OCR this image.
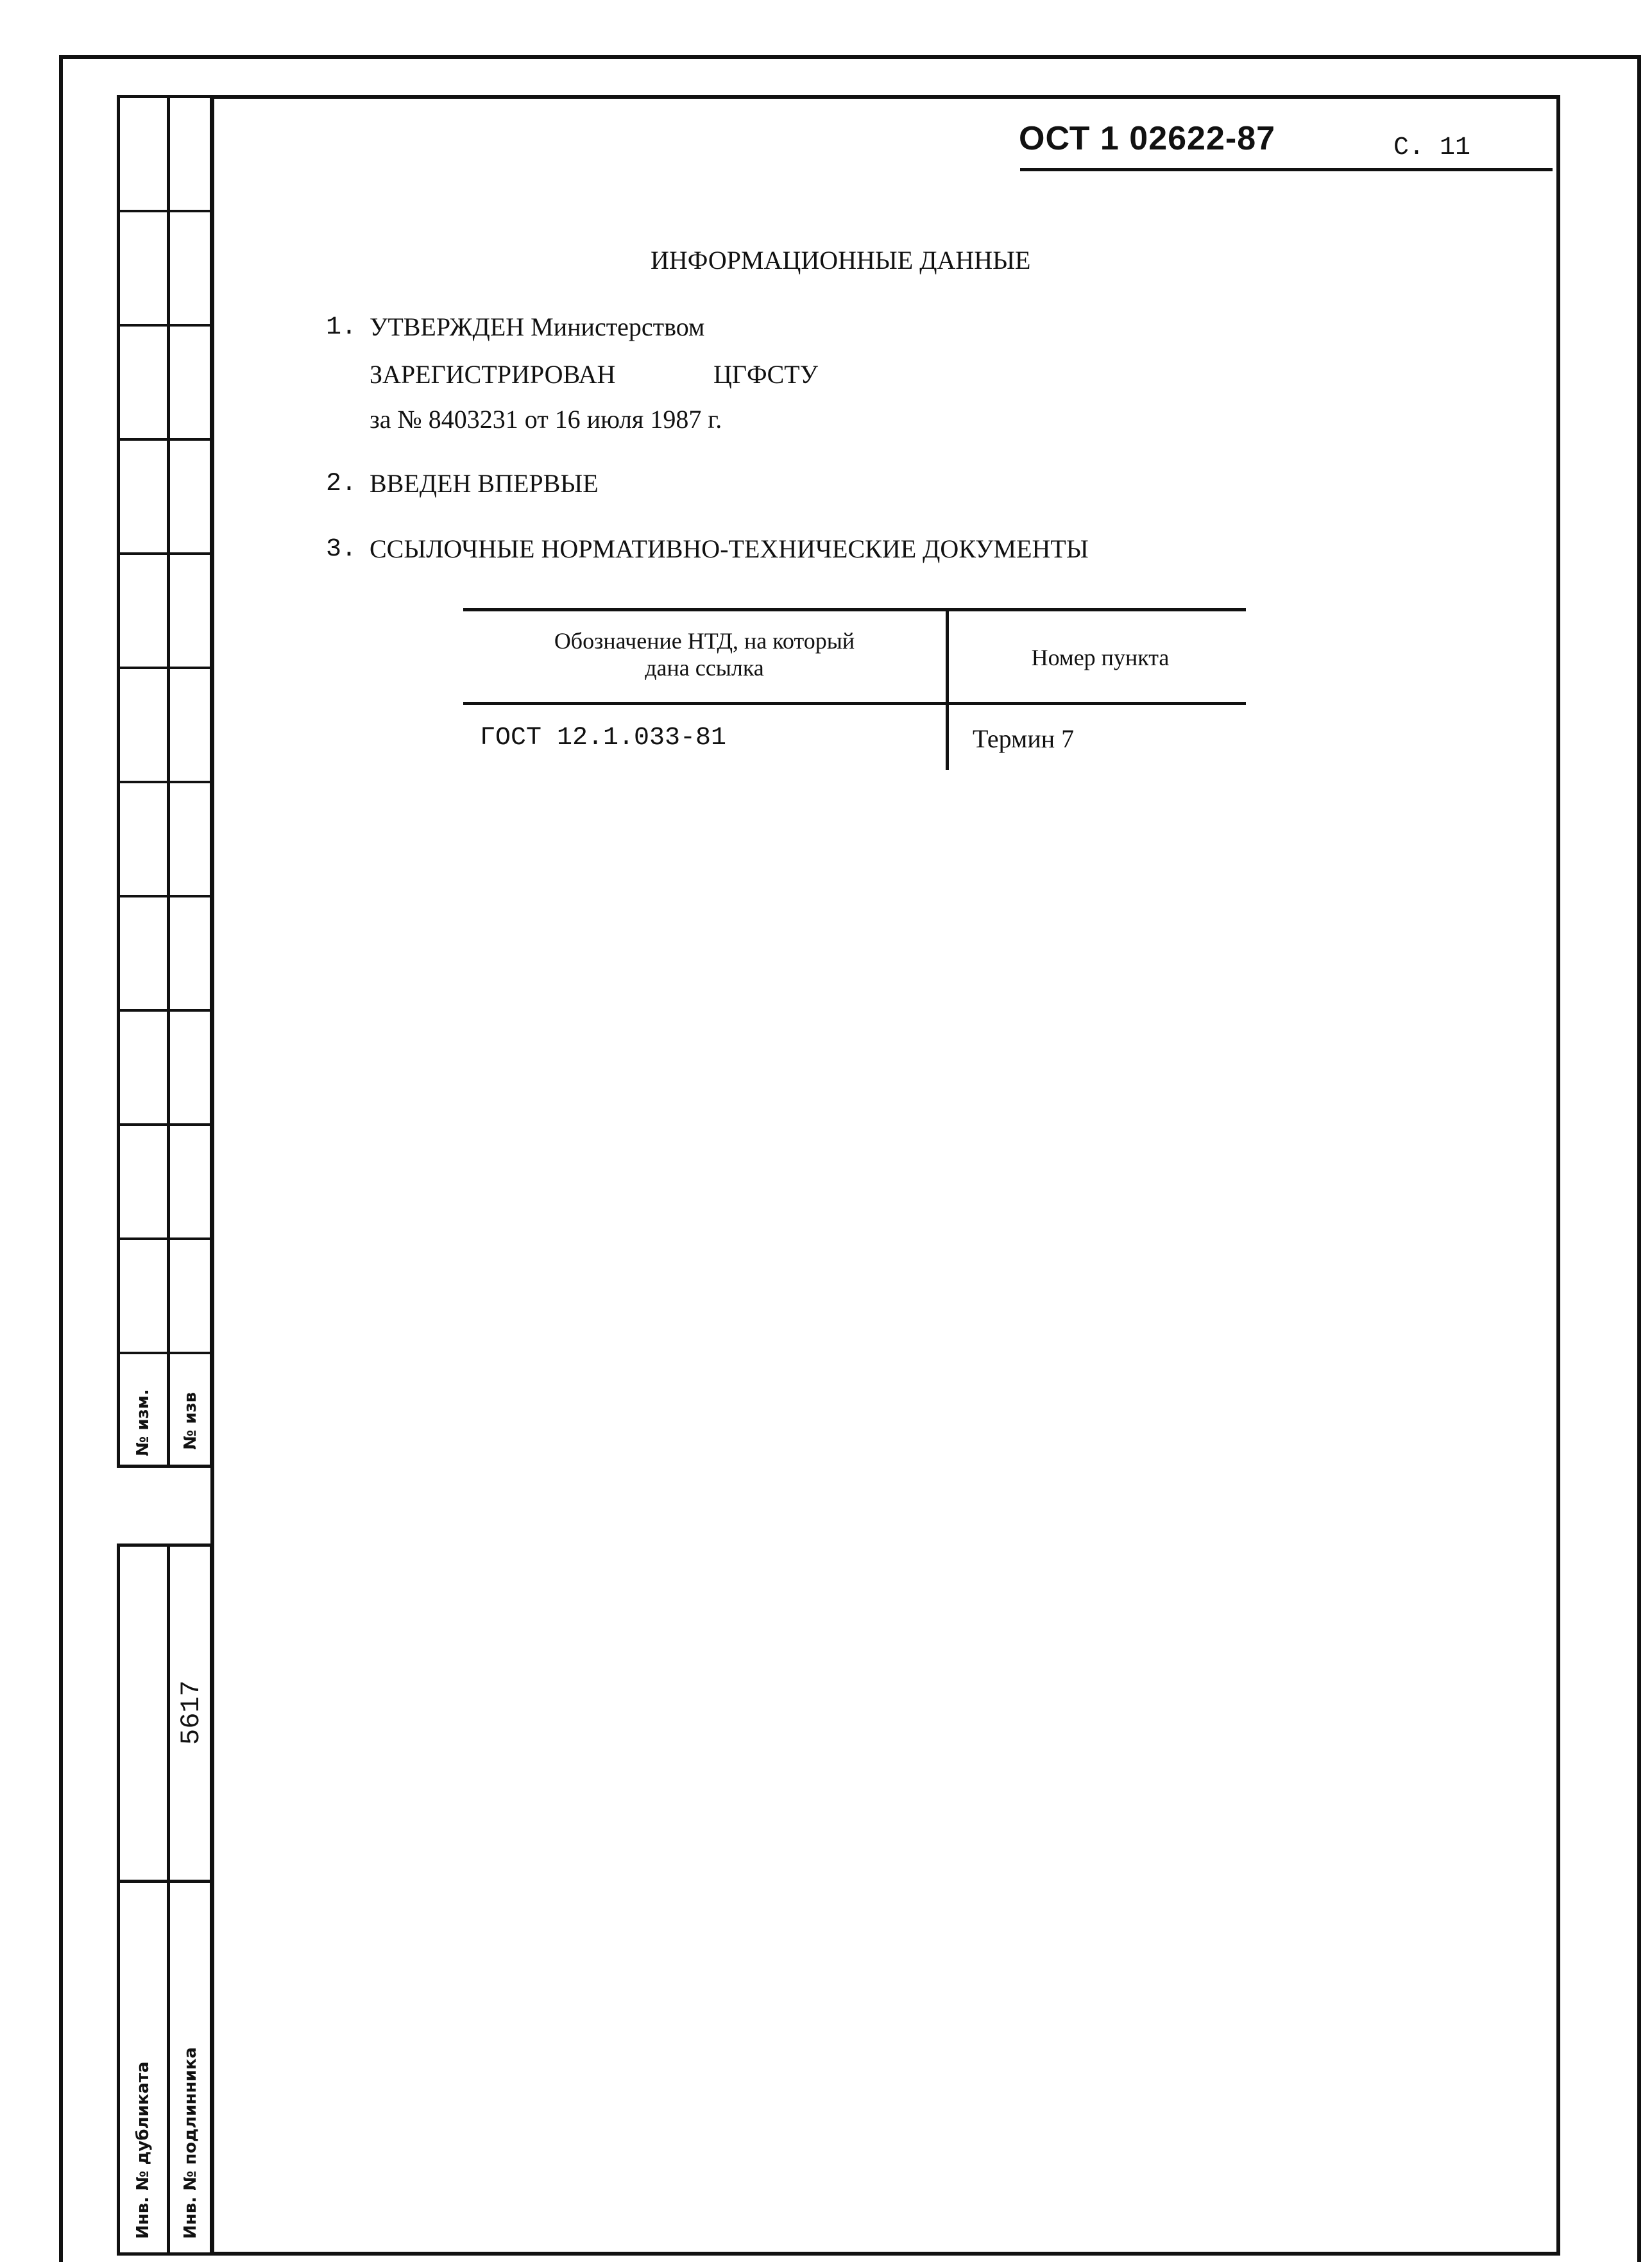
№ изм. № изв
5617
Инв. № дубликата Инв. № подлинника
ОСТ 1 02622-87	С. 11
ИНФОРМАЦИОННЫЕ ДАННЫЕ
1. УТВЕРЖДЕН Министерством
ЗАРЕГИСТРИРОВАН	ЦГФСТУ
за № 8403231 от 16 июля 1987 г.
2. ВВЕДЕН ВПЕРВЫЕ
3. ССЫЛОЧНЫЕ НОРМАТИВНО-ТЕХНИЧЕСКИЕ ДОКУМЕНТЫ
Обозначение НТД, на который
дана ссылка	Номер пункта
ГОСТ 12.1.033-81	Термин 7
